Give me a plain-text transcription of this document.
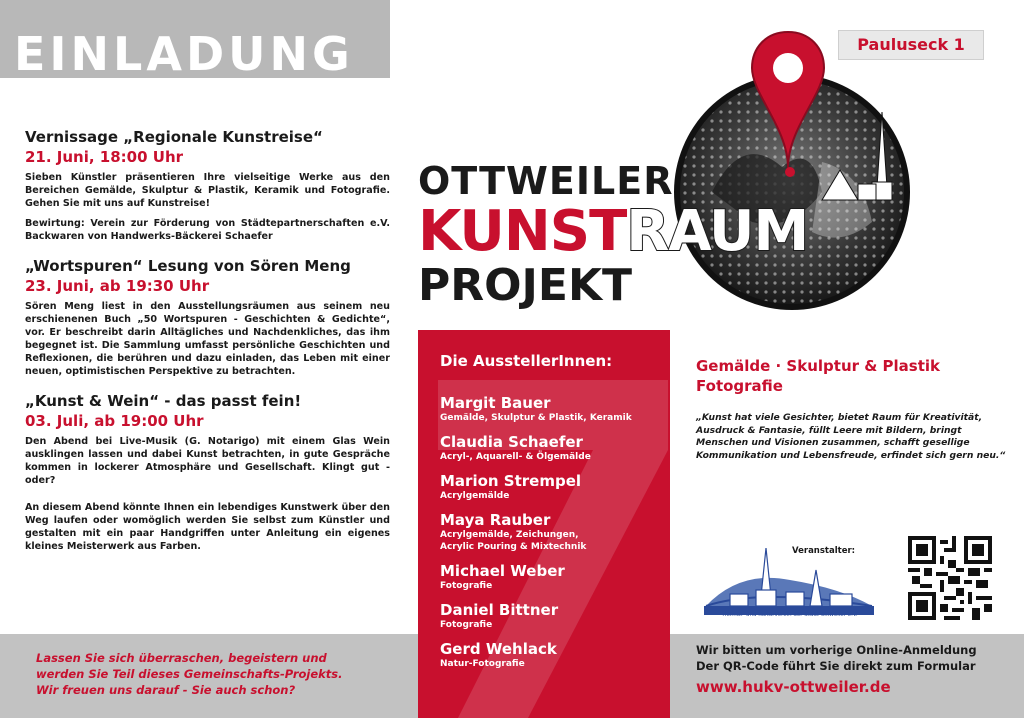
EINLADUNG
Vernissage „Regionale Kunstreise“
21. Juni, 18:00 Uhr
Sieben Künstler präsentieren Ihre vielseitige Werke aus den Bereichen Gemälde, Skulptur & Plastik, Keramik und Fotografie. Gehen Sie mit uns auf Kunstreise!
Bewirtung: Verein zur Förderung von Städtepartnerschaften e.V. Backwaren von Handwerks-Bäckerei Schaefer
„Wortspuren“ Lesung von Sören Meng
23. Juni, ab 19:30 Uhr
Sören Meng liest in den Ausstellungsräumen aus seinem neu erschienenen Buch „50 Wortspuren - Geschichten & Gedichte“, vor. Er beschreibt darin Alltägliches und Nachdenkliches, das ihm begegnet ist. Die Sammlung umfasst persönliche Geschichten und Reflexionen, die berühren und dazu einladen, das Leben mit einer neuen, optimistischen Perspektive zu betrachten.
„Kunst & Wein“ - das passt fein!
03. Juli, ab 19:00 Uhr
Den Abend bei Live-Musik (G. Notarigo) mit einem Glas Wein ausklingen lassen und dabei Kunst betrachten, in gute Gespräche kommen in lockerer Atmosphäre und Gesellschaft. Klingt gut - oder?
An diesem Abend könnte Ihnen ein lebendiges Kunstwerk über den Weg laufen oder womöglich werden Sie selbst zum Künstler und gestalten mit ein paar Handgriffen unter Anleitung ein eigenes kleines Meisterwerk aus Farben.
Lassen Sie sich überraschen, begeistern und
werden Sie Teil dieses Gemeinschafts-Projekts.
Wir freuen uns darauf - Sie auch schon?
Pauluseck 1
OTTWEILER
KUNSTRAUM
PROJEKT
Die AusstellerInnen:
Margit Bauer
Gemälde, Skulptur & Plastik, Keramik
Claudia Schaefer
Acryl-, Aquarell- & Ölgemälde
Marion Strempel
Acrylgemälde
Maya Rauber
Acrylgemälde, Zeichungen, Acrylic Pouring & Mixtechnik
Michael Weber
Fotografie
Daniel Bittner
Fotografie
Gerd Wehlack
Natur-Fotografie
Gemälde · Skulptur & Plastik
Fotografie
„Kunst hat viele Gesichter, bietet Raum für Kreativität,
Ausdruck & Fantasie, füllt Leere mit Bildern, bringt
Menschen und Visionen zusammen, schafft gesellige
Kommunikation und Lebensfreude, erfindet sich gern neu.“
Heimat- und Kulturverein der Stadt Ottweiler e.V.
Veranstalter:
Wir bitten um vorherige Online-Anmeldung
Der QR-Code führt Sie direkt zum Formular
www.hukv-ottweiler.de
